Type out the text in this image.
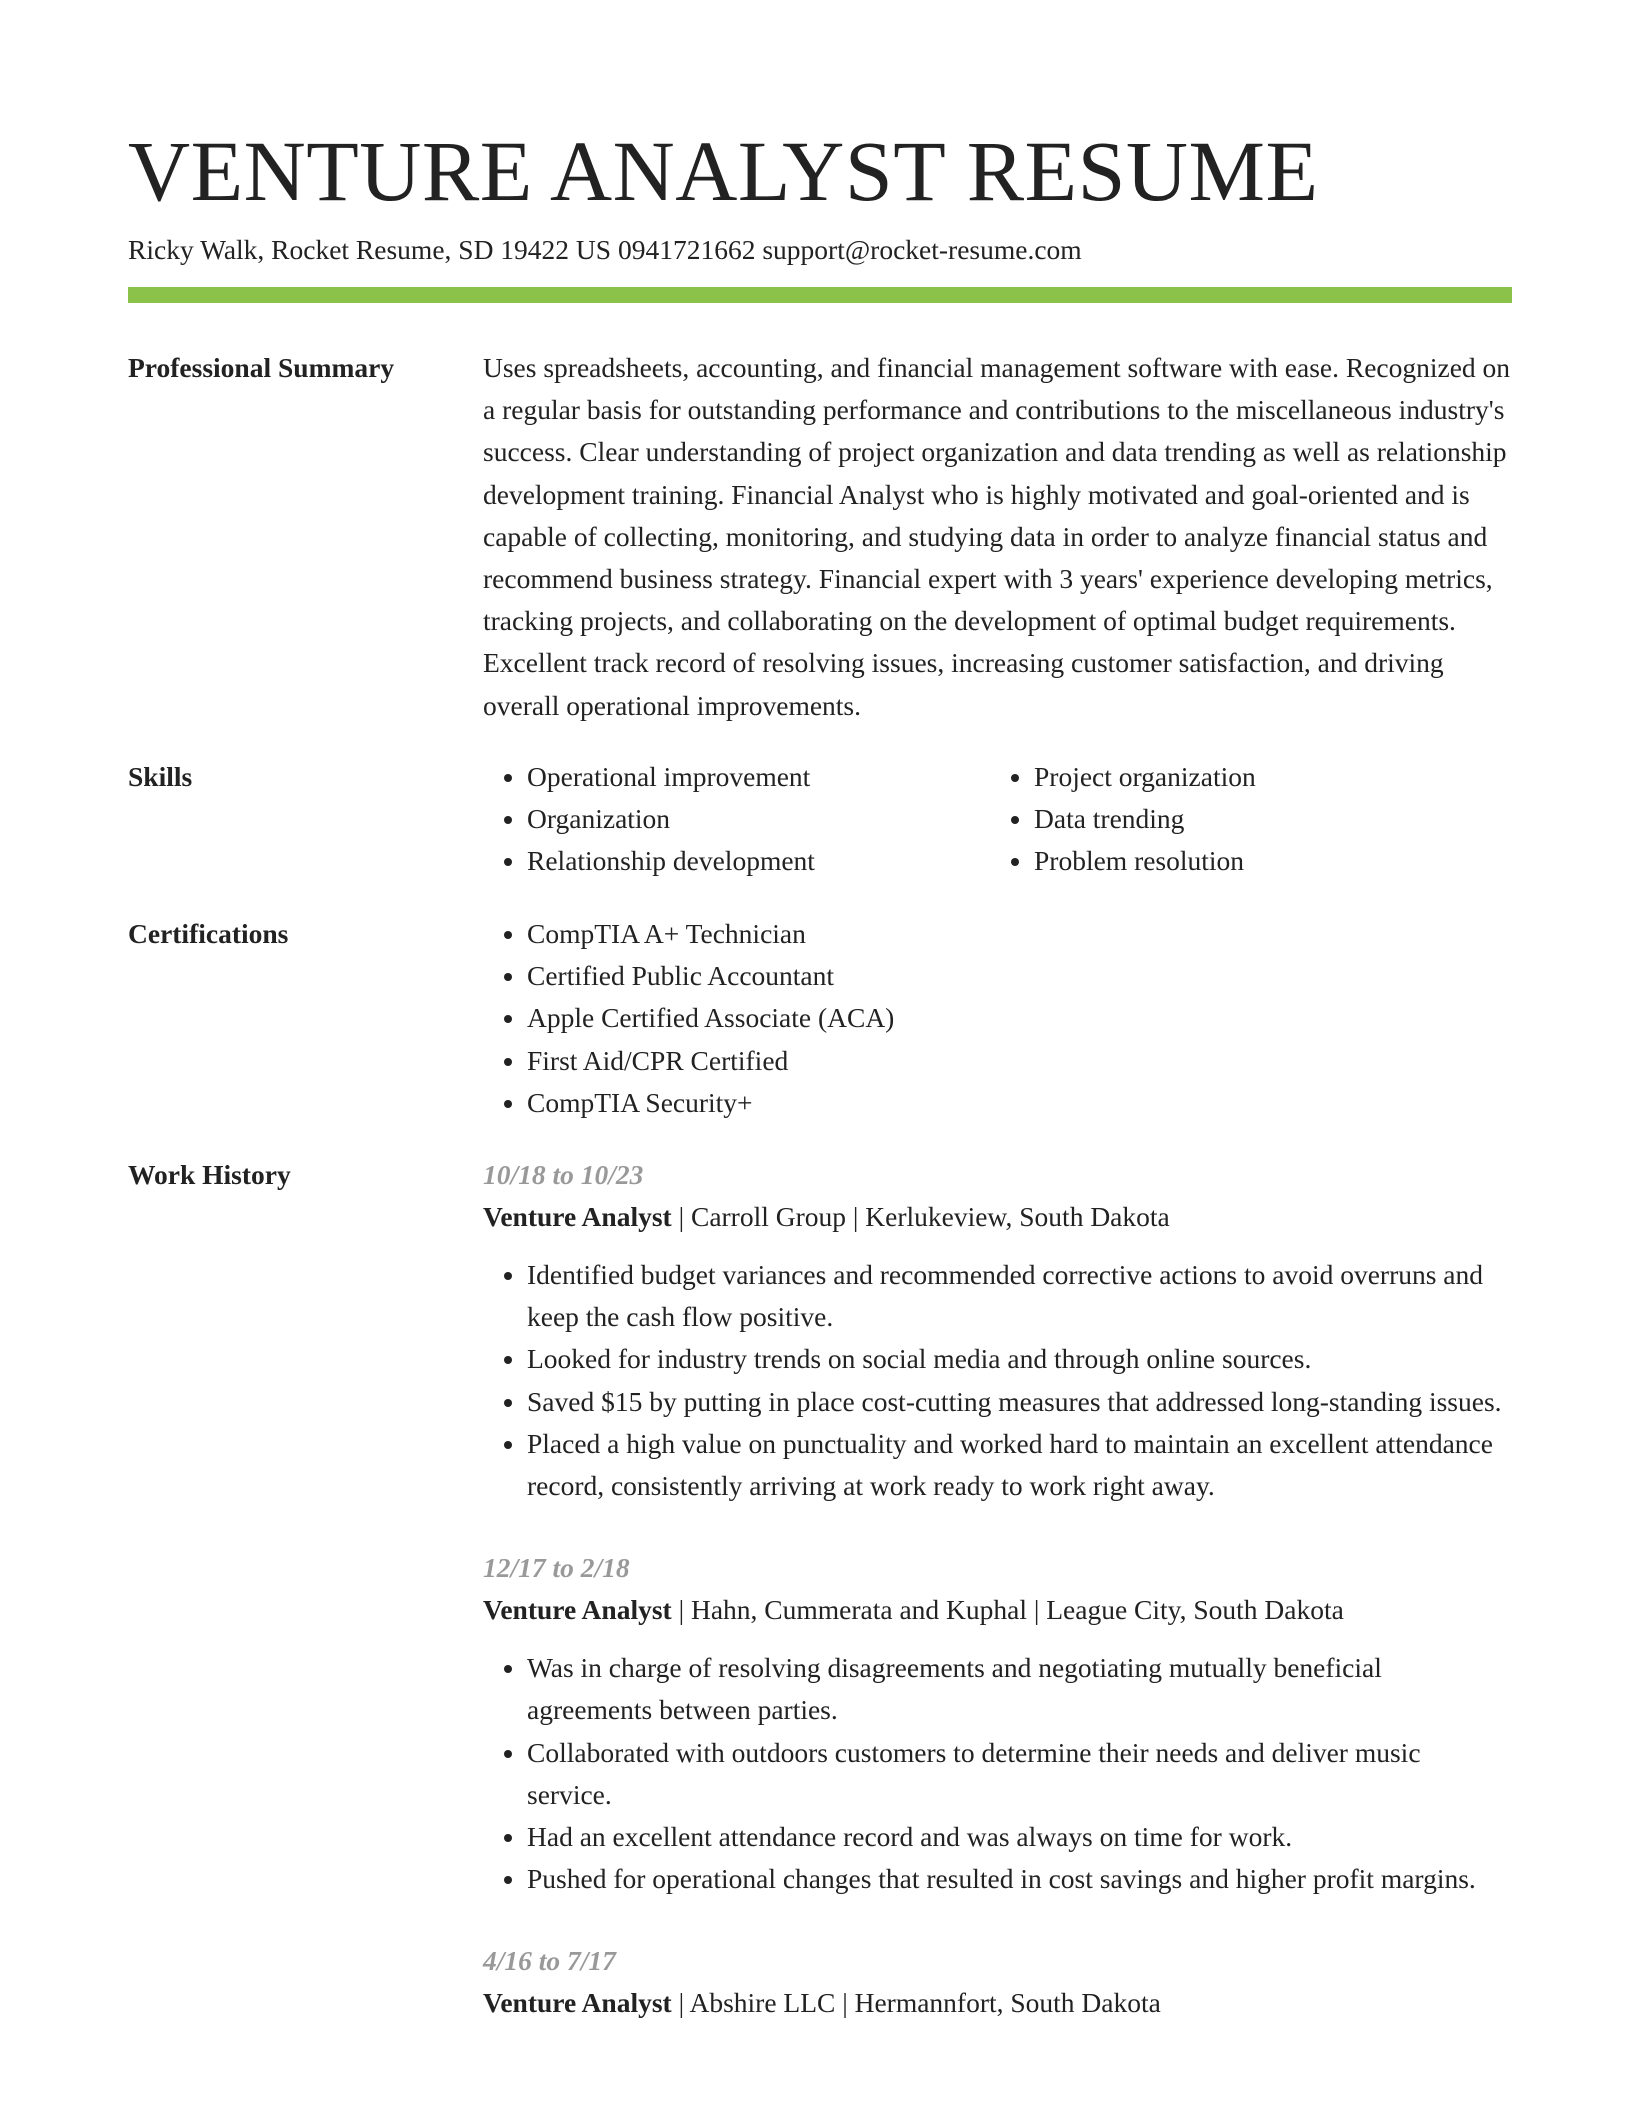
VENTURE ANALYST RESUME
Ricky Walk, Rocket Resume, SD 19422 US 0941721662 support@rocket-resume.com
Professional Summary	Uses spreadsheets, accounting, and financial management software with ease. Recognized on a regular basis for outstanding performance and contributions to the miscellaneous industry's success. Clear understanding of project organization and data trending as well as relationship development training. Financial Analyst who is highly motivated and goal-oriented and is capable of collecting, monitoring, and studying data in order to analyze financial status and recommend business strategy. Financial expert with 3 years' experience developing metrics, tracking projects, and collaborating on the development of optimal budget requirements. Excellent track record of resolving issues, increasing customer satisfaction, and driving overall operational improvements.

Skills	• Operational improvement
• Organization
• Relationship development
• Project organization
• Data trending
• Problem resolution
Certifications	• CompTIA A+ Technician
• Certified Public Accountant
• Apple Certified Associate (ACA)
• First Aid/CPR Certified
• CompTIA Security+
Work History	10/18 to 10/23
Venture Analyst | Carroll Group | Kerlukeview, South Dakota
• Identified budget variances and recommended corrective actions to avoid overruns and keep the cash flow positive.
• Looked for industry trends on social media and through online sources.
• Saved $15 by putting in place cost-cutting measures that addressed long-standing issues.
• Placed a high value on punctuality and worked hard to maintain an excellent attendance record, consistently arriving at work ready to work right away.
12/17 to 2/18
Venture Analyst | Hahn, Cummerata and Kuphal | League City, South Dakota
• Was in charge of resolving disagreements and negotiating mutually beneficial agreements between parties.
• Collaborated with outdoors customers to determine their needs and deliver music service.
• Had an excellent attendance record and was always on time for work.
• Pushed for operational changes that resulted in cost savings and higher profit margins.
4/16 to 7/17
Venture Analyst | Abshire LLC | Hermannfort, South Dakota
